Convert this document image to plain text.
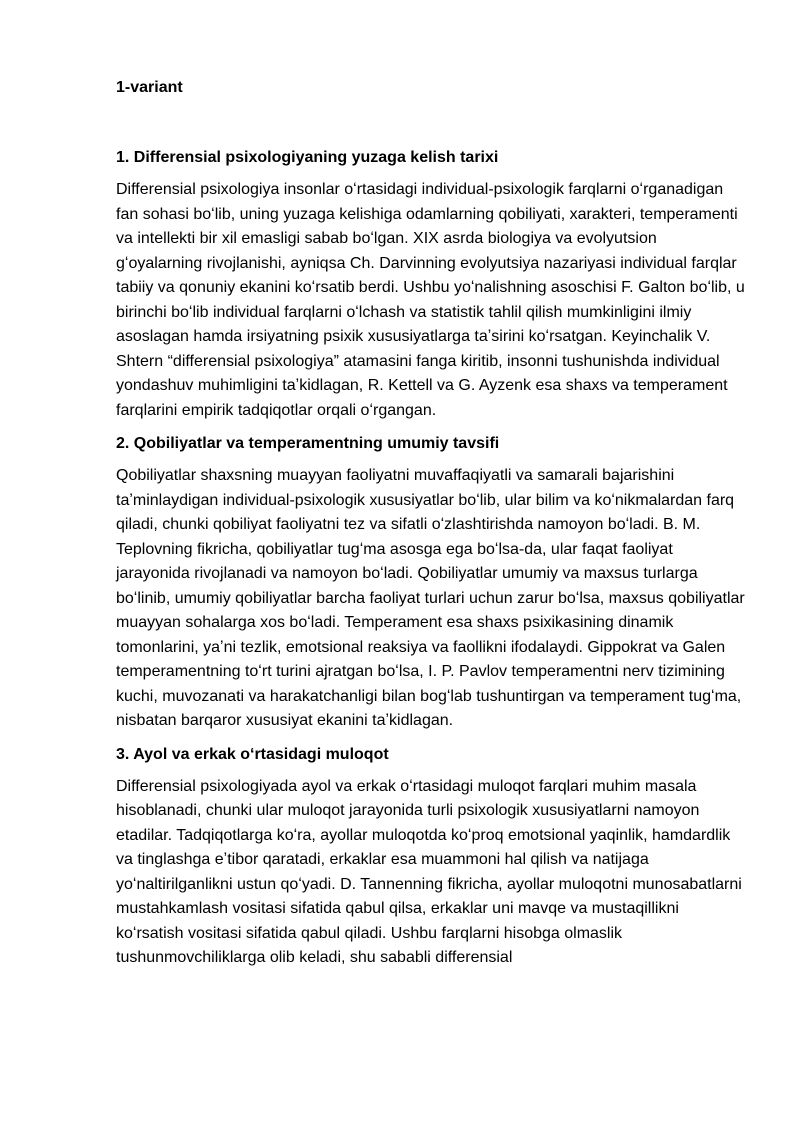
1-variant
1. Differensial psixologiyaning yuzaga kelish tarixi

Differensial psixologiya insonlar oʻrtasidagi individual-psixologik farqlarni oʻrganadigan fan sohasi boʻlib, uning yuzaga kelishiga odamlarning qobiliyati, xarakteri, temperamenti va intellekti bir xil emasligi sabab boʻlgan. XIX asrda biologiya va evolyutsion gʻoyalarning rivojlanishi, ayniqsa Ch. Darvinning evolyutsiya nazariyasi individual farqlar tabiiy va qonuniy ekanini koʻrsatib berdi. Ushbu yoʻnalishning asoschisi F. Galton boʻlib, u birinchi boʻlib individual farqlarni oʻlchash va statistik tahlil qilish mumkinligini ilmiy asoslagan hamda irsiyatning psixik xususiyatlarga taʼsirini koʻrsatgan. Keyinchalik V. Shtern “differensial psixologiya” atamasini fanga kiritib, insonni tushunishda individual yondashuv muhimligini taʼkidlagan, R. Kettell va G. Ayzenk esa shaxs va temperament farqlarini empirik tadqiqotlar orqali oʻrgangan.

2. Qobiliyatlar va temperamentning umumiy tavsifi

Qobiliyatlar shaxsning muayyan faoliyatni muvaffaqiyatli va samarali bajarishini taʼminlaydigan individual-psixologik xususiyatlar boʻlib, ular bilim va koʻnikmalardan farq qiladi, chunki qobiliyat faoliyatni tez va sifatli oʻzlashtirishda namoyon boʻladi. B. M. Teplovning fikricha, qobiliyatlar tugʻma asosga ega boʻlsa-da, ular faqat faoliyat jarayonida rivojlanadi va namoyon boʻladi. Qobiliyatlar umumiy va maxsus turlarga boʻlinib, umumiy qobiliyatlar barcha faoliyat turlari uchun zarur boʻlsa, maxsus qobiliyatlar muayyan sohalarga xos boʻladi. Temperament esa shaxs psixikasining dinamik tomonlarini, yaʼni tezlik, emotsional reaksiya va faollikni ifodalaydi. Gippokrat va Galen temperamentning toʻrt turini ajratgan boʻlsa, I. P. Pavlov temperamentni nerv tizimining kuchi, muvozanati va harakatchanligi bilan bogʻlab tushuntirgan va temperament tugʻma, nisbatan barqaror xususiyat ekanini taʼkidlagan.

3. Ayol va erkak oʻrtasidagi muloqot

Differensial psixologiyada ayol va erkak oʻrtasidagi muloqot farqlari muhim masala hisoblanadi, chunki ular muloqot jarayonida turli psixologik xususiyatlarni namoyon etadilar. Tadqiqotlarga koʻra, ayollar muloqotda koʻproq emotsional yaqinlik, hamdardlik va tinglashga eʼtibor qaratadi, erkaklar esa muammoni hal qilish va natijaga yoʻnaltirilganlikni ustun qoʻyadi. D. Tannenning fikricha, ayollar muloqotni munosabatlarni mustahkamlash vositasi sifatida qabul qilsa, erkaklar uni mavqe va mustaqillikni koʻrsatish vositasi sifatida qabul qiladi. Ushbu farqlarni hisobga olmaslik tushunmovchiliklarga olib keladi, shu sababli differensial
